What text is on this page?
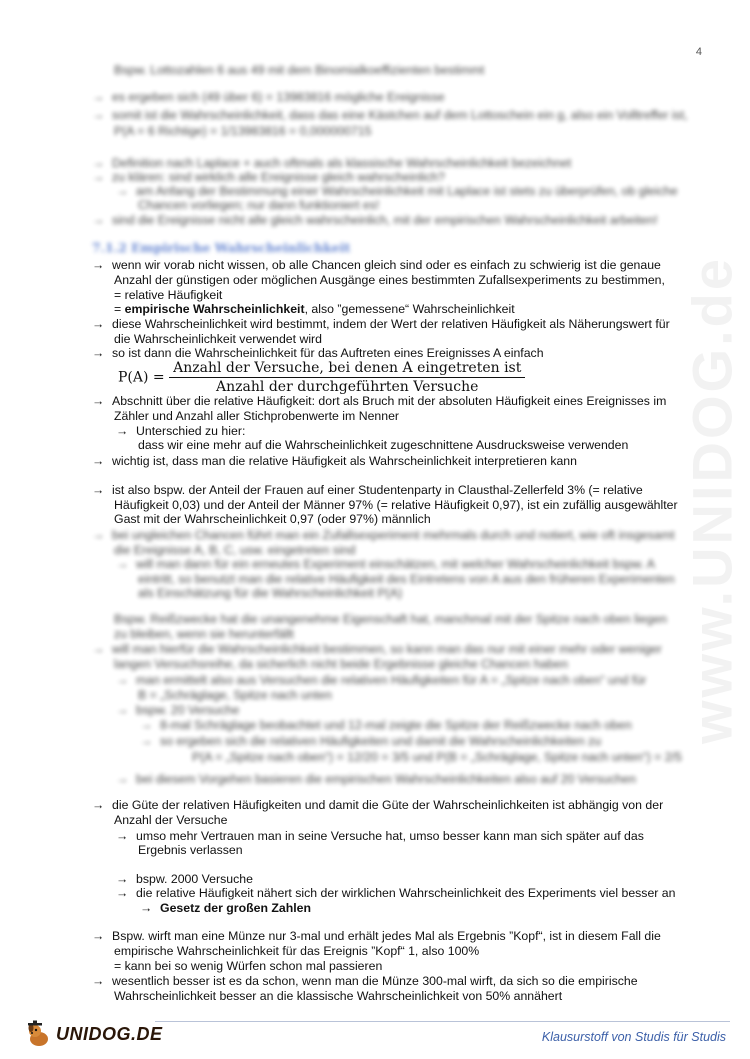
4
www.UNIDOG.de
Bspw. Lottozahlen 6 aus 49 mit dem Binomialkoeffizienten bestimmt
→ es ergeben sich (49 über 6) = 13983816 mögliche Ereignisse
→ somit ist die Wahrscheinlichkeit, dass das eine Kästchen auf dem Lottoschein ein g, also ein Volltreffer ist,
P(A = 6 Richtige) = 1/13983816 = 0,000000715
→ Definition nach Laplace + auch oftmals als klassische Wahrscheinlichkeit bezeichnet
→ zu klären: sind wirklich alle Ereignisse gleich wahrscheinlich?
→ am Anfang der Bestimmung einer Wahrscheinlichkeit mit Laplace ist stets zu überprüfen, ob gleiche
Chancen vorliegen; nur dann funktioniert es!
→ sind die Ereignisse nicht alle gleich wahrscheinlich, mit der empirischen Wahrscheinlichkeit arbeiten!
→ wenn wir vorab nicht wissen, ob alle Chancen gleich sind oder es einfach zu schwierig ist die genaue
Anzahl der günstigen oder möglichen Ausgänge eines bestimmten Zufallsexperiments zu bestimmen,
= relative Häufigkeit
= empirische Wahrscheinlichkeit, also ”gemessene“ Wahrscheinlichkeit
→ diese Wahrscheinlichkeit wird bestimmt, indem der Wert der relativen Häufigkeit als Näherungswert für
die Wahrscheinlichkeit verwendet wird
→ so ist dann die Wahrscheinlichkeit für das Auftreten eines Ereignisses A einfach
→ Abschnitt über die relative Häufigkeit: dort als Bruch mit der absoluten Häufigkeit eines Ereignisses im
Zähler und Anzahl aller Stichprobenwerte im Nenner
→ Unterschied zu hier:
dass wir eine mehr auf die Wahrscheinlichkeit zugeschnittene Ausdrucksweise verwenden
→ wichtig ist, dass man die relative Häufigkeit als Wahrscheinlichkeit interpretieren kann
→ ist also bspw. der Anteil der Frauen auf einer Studentenparty in Clausthal-Zellerfeld 3% (= relative
Häufigkeit 0,03) und der Anteil der Männer 97% (= relative Häufigkeit 0,97), ist ein zufällig ausgewählter
Gast mit der Wahrscheinlichkeit 0,97 (oder 97%) männlich
→ bei ungleichen Chancen führt man ein Zufallsexperiment mehrmals durch und notiert, wie oft insgesamt
die Ereignisse A, B, C, usw. eingetreten sind
→ will man dann für ein erneutes Experiment einschätzen, mit welcher Wahrscheinlichkeit bspw. A
eintritt, so benutzt man die relative Häufigkeit des Eintretens von A aus den früheren Experimenten
als Einschätzung für die Wahrscheinlichkeit P(A)
Bspw. Reißzwecke hat die unangenehme Eigenschaft hat, manchmal mit der Spitze nach oben liegen
zu bleiben, wenn sie herunterfällt
→ will man hierfür die Wahrscheinlichkeit bestimmen, so kann man das nur mit einer mehr oder weniger
langen Versuchsreihe, da sicherlich nicht beide Ergebnisse gleiche Chancen haben
→ man ermittelt also aus Versuchen die relativen Häufigkeiten für A = „Spitze nach oben“ und für
B = „Schräglage, Spitze nach unten
→ bspw. 20 Versuche
→ 8-mal Schräglage beobachtet und 12-mal zeigte die Spitze der Reißzwecke nach oben
→ so ergeben sich die relativen Häufigkeiten und damit die Wahrscheinlichkeiten zu
P(A = „Spitze nach oben“) = 12/20 = 3/5 und P(B = „Schräglage, Spitze nach unten“) = 2/5
→ bei diesem Vorgehen basieren die empirischen Wahrscheinlichkeiten also auf 20 Versuchen
→ die Güte der relativen Häufigkeiten und damit die Güte der Wahrscheinlichkeiten ist abhängig von der
Anzahl der Versuche
→ umso mehr Vertrauen man in seine Versuche hat, umso besser kann man sich später auf das
Ergebnis verlassen
→ bspw. 2000 Versuche
→ die relative Häufigkeit nähert sich der wirklichen Wahrscheinlichkeit des Experiments viel besser an
→ Gesetz der großen Zahlen
→ Bspw. wirft man eine Münze nur 3-mal und erhält jedes Mal als Ergebnis ”Kopf“, ist in diesem Fall die
empirische Wahrscheinlichkeit für das Ereignis ”Kopf“ 1, also 100%
= kann bei so wenig Würfen schon mal passieren
→ wesentlich besser ist es da schon, wenn man die Münze 300-mal wirft, da sich so die empirische
Wahrscheinlichkeit besser an die klassische Wahrscheinlichkeit von 50% annähert
7.1.2 Empirische Wahrscheinlichkeit
$P(A) = \frac{\text{Anzahl der Versuche, bei denen A eingetreten ist}}{\text{Anzahl der durchgeführten Versuche}}$
UNIDOG.DE	Klausurstoff von Studis für Studis
